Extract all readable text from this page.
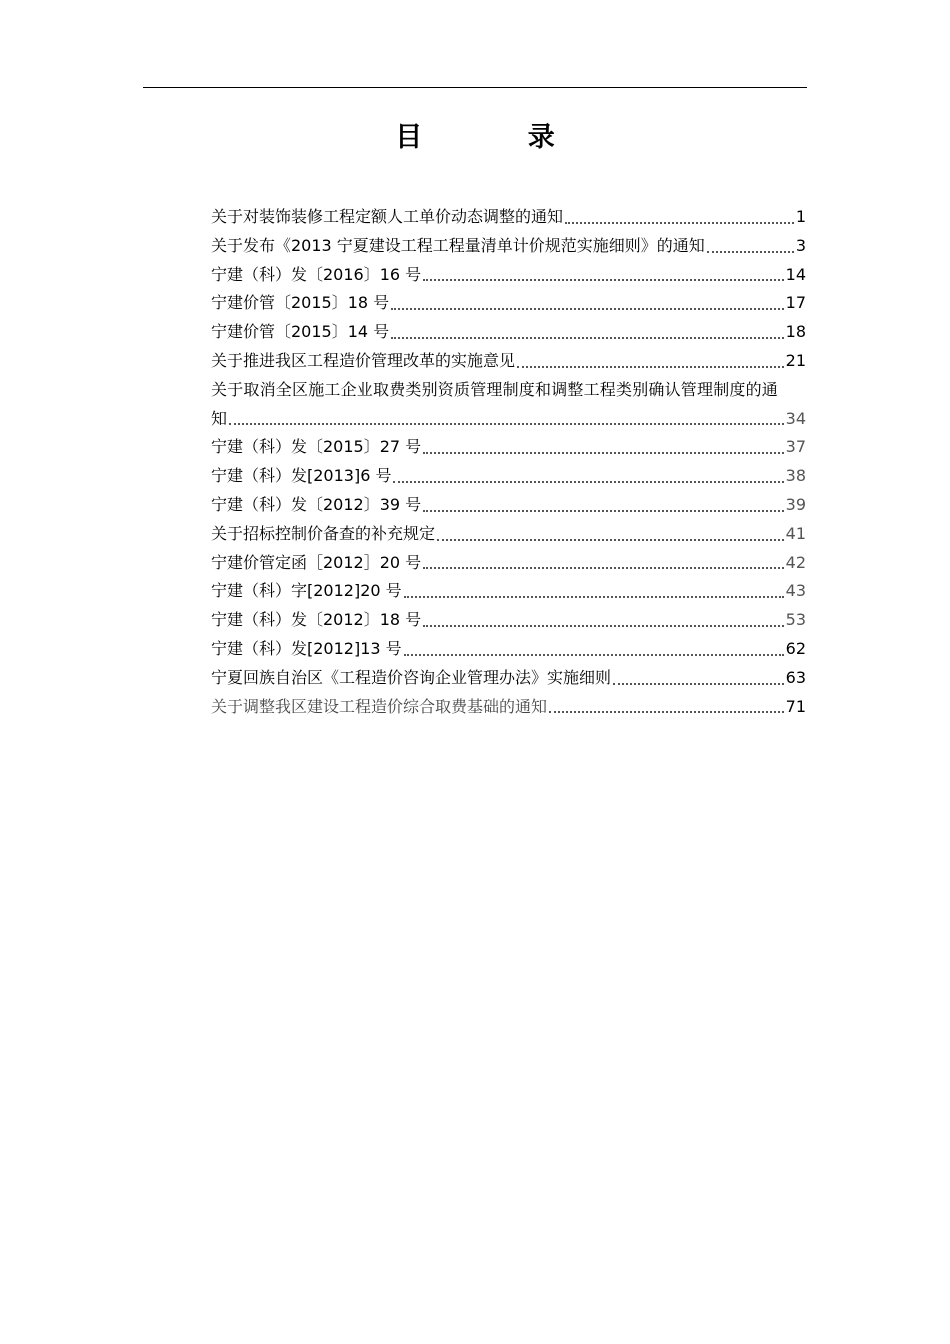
目 录
关于对装饰装修工程定额人工单价动态调整的通知	1
关于发布《2013 宁夏建设工程工程量清单计价规范实施细则》的通知	3
宁建（科）发〔2016〕16 号	14
宁建价管〔2015〕18 号	17
宁建价管〔2015〕14 号	18
关于推进我区工程造价管理改革的实施意见	21
关于取消全区施工企业取费类别资质管理制度和调整工程类别确认管理制度的通
知	34
宁建（科）发〔2015〕27 号	37
宁建（科）发[2013]6 号	38
宁建（科）发〔2012〕39 号	39
关于招标控制价备查的补充规定	41
宁建价管定函［2012］20 号	42
宁建（科）字[2012]20 号	43
宁建（科）发〔2012〕18 号	53
宁建（科）发[2012]13 号	62
宁夏回族自治区《工程造价咨询企业管理办法》实施细则	63
关于调整我区建设工程造价综合取费基础的通知	71
